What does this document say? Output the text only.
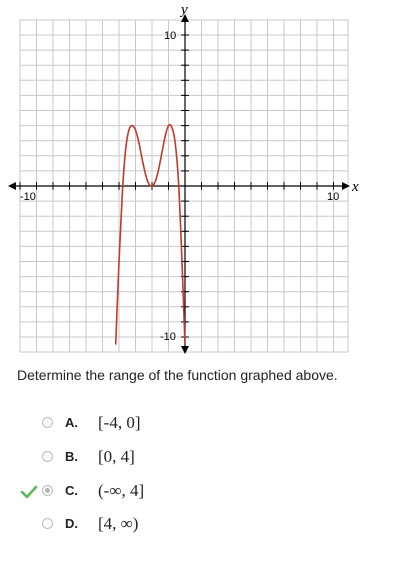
y
x
-10	10
10
-10
Determine the range of the function graphed above.
A. [-4, 0]
B. [0, 4]
C. (-∞, 4]
D. [4, ∞)
